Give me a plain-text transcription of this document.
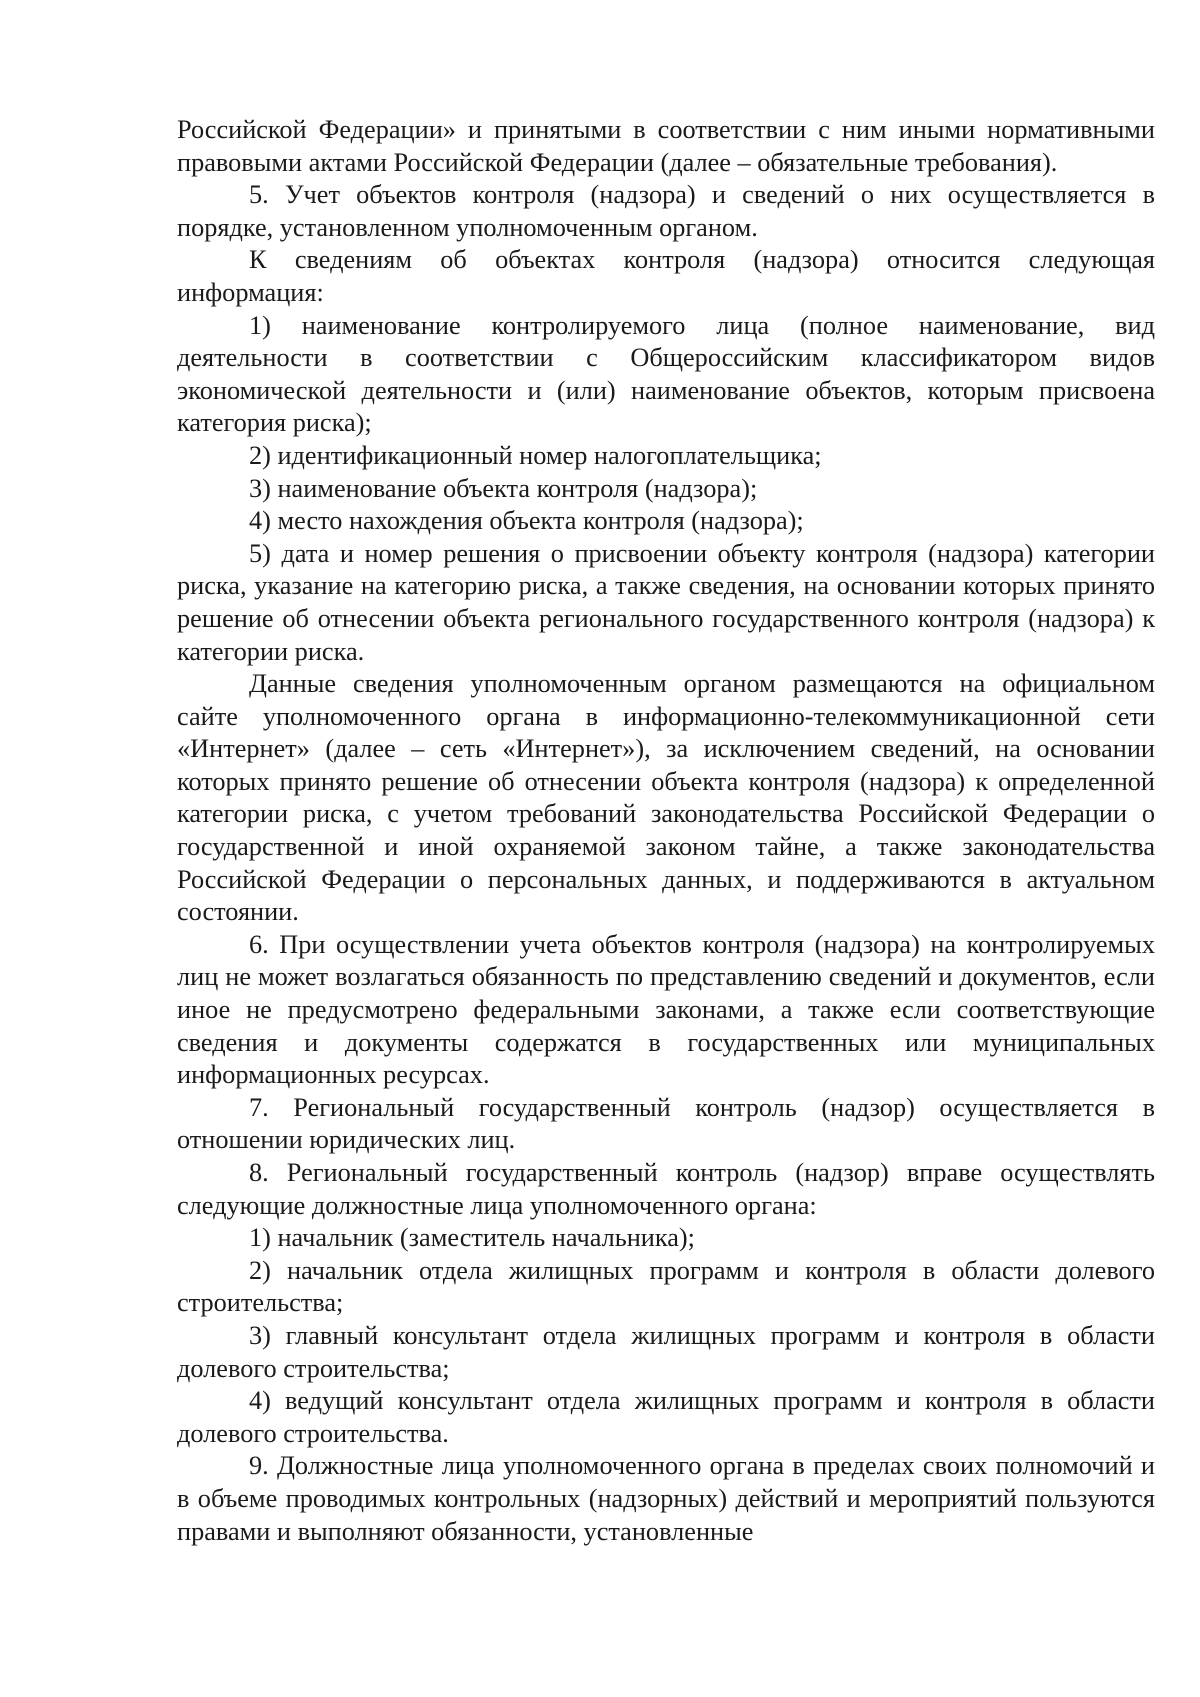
Российской Федерации» и принятыми в соответствии с ним иными нормативными правовыми актами Российской Федерации (далее – обязательные требования).

5. Учет объектов контроля (надзора) и сведений о них осуществляется в порядке, установленном уполномоченным органом.

К сведениям об объектах контроля (надзора) относится следующая информация:

1) наименование контролируемого лица (полное наименование, вид деятельности в соответствии с Общероссийским классификатором видов экономической деятельности и (или) наименование объектов, которым присвоена категория риска);

2) идентификационный номер налогоплательщика;

3) наименование объекта контроля (надзора);

4) место нахождения объекта контроля (надзора);

5) дата и номер решения о присвоении объекту контроля (надзора) категории риска, указание на категорию риска, а также сведения, на основании которых принято решение об отнесении объекта регионального государственного контроля (надзора) к категории риска.

Данные сведения уполномоченным органом размещаются на официальном сайте уполномоченного органа в информационно-телекоммуникационной сети «Интернет» (далее – сеть «Интернет»), за исключением сведений, на основании которых принято решение об отнесении объекта контроля (надзора) к определенной категории риска, с учетом требований законодательства Российской Федерации о государственной и иной охраняемой законом тайне, а также законодательства Российской Федерации о персональных данных, и поддерживаются в актуальном состоянии.

6. При осуществлении учета объектов контроля (надзора) на контролируемых лиц не может возлагаться обязанность по представлению сведений и документов, если иное не предусмотрено федеральными законами, а также если соответствующие сведения и документы содержатся в государственных или муниципальных информационных ресурсах.

7. Региональный государственный контроль (надзор) осуществляется в отношении юридических лиц.

8. Региональный государственный контроль (надзор) вправе осуществлять следующие должностные лица уполномоченного органа:

1) начальник (заместитель начальника);

2) начальник отдела жилищных программ и контроля в области долевого строительства;

3) главный консультант отдела жилищных программ и контроля в области долевого строительства;

4) ведущий консультант отдела жилищных программ и контроля в области долевого строительства.

9. Должностные лица уполномоченного органа в пределах своих полномочий и в объеме проводимых контрольных (надзорных) действий и мероприятий пользуются правами и выполняют обязанности, установленные
